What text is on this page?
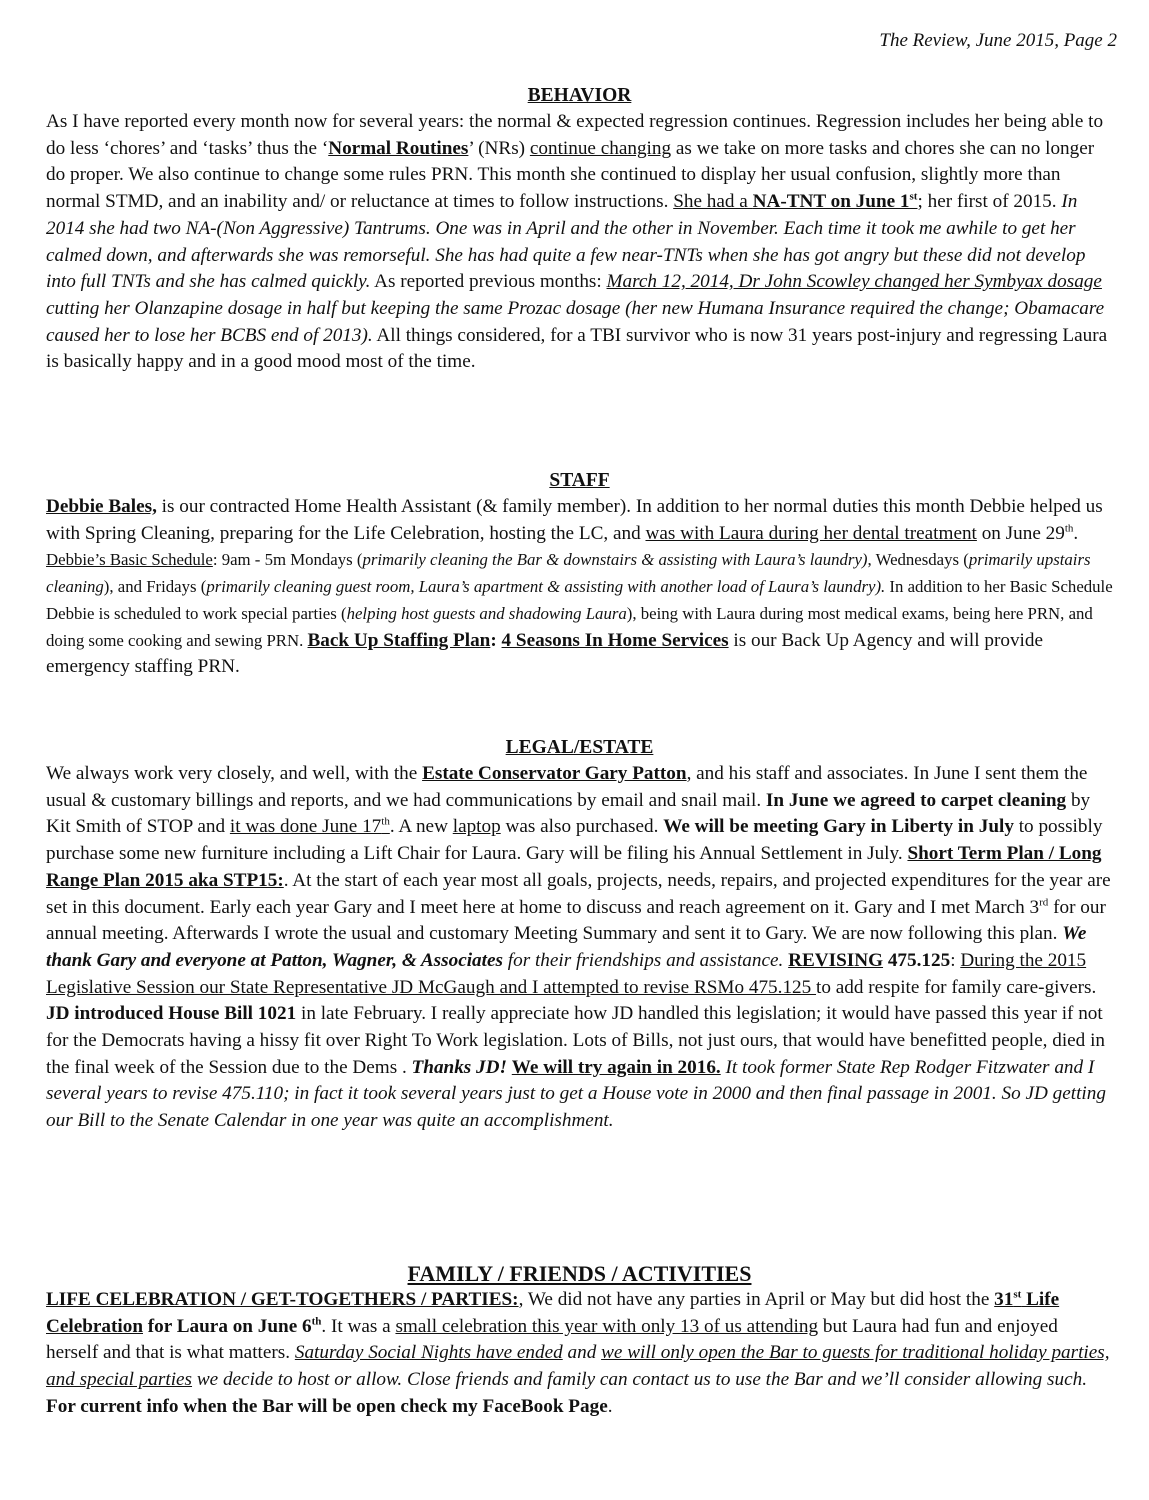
The Review, June 2015, Page 2
BEHAVIOR

As I have reported every month now for several years: the normal & expected regression continues. Regression includes her being able to do less ‘chores’ and ‘tasks’ thus the ‘Normal Routines’ (NRs) continue changing as we take on more tasks and chores she can no longer do proper. We also continue to change some rules PRN. This month she continued to display her usual confusion, slightly more than normal STMD, and an inability and/ or reluctance at times to follow instructions. She had a NA-TNT on June 1st; her first of 2015. In 2014 she had two NA-(Non Aggressive) Tantrums. One was in April and the other in November. Each time it took me awhile to get her calmed down, and afterwards she was remorseful. She has had quite a few near-TNTs when she has got angry but these did not develop into full TNTs and she has calmed quickly. As reported previous months: March 12, 2014, Dr John Scowley changed her Symbyax dosage cutting her Olanzapine dosage in half but keeping the same Prozac dosage (her new Humana Insurance required the change; Obamacare caused her to lose her BCBS end of 2013). All things considered, for a TBI survivor who is now 31 years post-injury and regressing Laura is basically happy and in a good mood most of the time.

STAFF

Debbie Bales, is our contracted Home Health Assistant (& family member). In addition to her normal duties this month Debbie helped us with Spring Cleaning, preparing for the Life Celebration, hosting the LC, and was with Laura during her dental treatment on June 29th. Debbie’s Basic Schedule: 9am - 5m Mondays (primarily cleaning the Bar & downstairs & assisting with Laura’s laundry), Wednesdays (primarily upstairs cleaning), and Fridays (primarily cleaning guest room, Laura’s apartment & assisting with another load of Laura’s laundry). In addition to her Basic Schedule Debbie is scheduled to work special parties (helping host guests and shadowing Laura), being with Laura during most medical exams, being here PRN, and doing some cooking and sewing PRN. Back Up Staffing Plan: 4 Seasons In Home Services is our Back Up Agency and will provide emergency staffing PRN.

LEGAL/ESTATE

We always work very closely, and well, with the Estate Conservator Gary Patton, and his staff and associates. In June I sent them the usual & customary billings and reports, and we had communications by email and snail mail. In June we agreed to carpet cleaning by Kit Smith of STOP and it was done June 17th. A new laptop was also purchased. We will be meeting Gary in Liberty in July to possibly purchase some new furniture including a Lift Chair for Laura. Gary will be filing his Annual Settlement in July. Short Term Plan / Long Range Plan 2015 aka STP15:. At the start of each year most all goals, projects, needs, repairs, and projected expenditures for the year are set in this document. Early each year Gary and I meet here at home to discuss and reach agreement on it. Gary and I met March 3rd for our annual meeting. Afterwards I wrote the usual and customary Meeting Summary and sent it to Gary. We are now following this plan. We thank Gary and everyone at Patton, Wagner, & Associates for their friendships and assistance. REVISING 475.125: During the 2015 Legislative Session our State Representative JD McGaugh and I attempted to revise RSMo 475.125 to add respite for family care-givers. JD introduced House Bill 1021 in late February. I really appreciate how JD handled this legislation; it would have passed this year if not for the Democrats having a hissy fit over Right To Work legislation. Lots of Bills, not just ours, that would have benefitted people, died in the final week of the Session due to the Dems . Thanks JD! We will try again in 2016. It took former State Rep Rodger Fitzwater and I several years to revise 475.110; in fact it took several years just to get a House vote in 2000 and then final passage in 2001. So JD getting our Bill to the Senate Calendar in one year was quite an accomplishment.

FAMILY / FRIENDS / ACTIVITIES

LIFE CELEBRATION / GET-TOGETHERS / PARTIES:, We did not have any parties in April or May but did host the 31st Life Celebration for Laura on June 6th. It was a small celebration this year with only 13 of us attending but Laura had fun and enjoyed herself and that is what matters. Saturday Social Nights have ended and we will only open the Bar to guests for traditional holiday parties, and special parties we decide to host or allow. Close friends and family can contact us to use the Bar and we’ll consider allowing such. For current info when the Bar will be open check my FaceBook Page.
